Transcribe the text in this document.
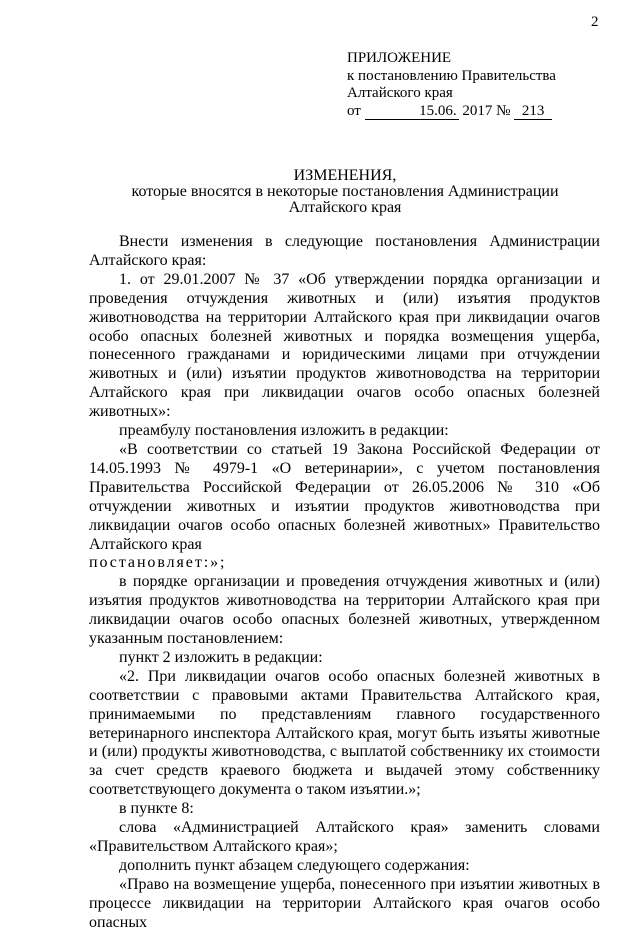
2
ПРИЛОЖЕНИЕ
к постановлению Правительства
Алтайского края
от	15.06. 2017 № 213
ИЗМЕНЕНИЯ,
которые вносятся в некоторые постановления Администрации
Алтайского края

Внести изменения в следующие постановления Администрации Алтайского края:

1. от 29.01.2007 № 37 «Об утверждении порядка организации и проведения отчуждения животных и (или) изъятия продуктов животноводства на территории Алтайского края при ликвидации очагов особо опасных болезней животных и порядка возмещения ущерба, понесенного гражданами и юридическими лицами при отчуждении животных и (или) изъятии продуктов животноводства на территории Алтайского края при ликвидации очагов особо опасных болезней животных»:

преамбулу постановления изложить в редакции:

«В соответствии со статьей 19 Закона Российской Федерации от 14.05.1993 № 4979-1 «О ветеринарии», с учетом постановления Правительства Российской Федерации от 26.05.2006 № 310 «Об отчуждении животных и изъятии продуктов животноводства при ликвидации очагов особо опасных болезней животных» Правительство Алтайского края

постановляет:»;

в порядке организации и проведения отчуждения животных и (или) изъятия продуктов животноводства на территории Алтайского края при ликвидации очагов особо опасных болезней животных, утвержденном указанным постановлением:

пункт 2 изложить в редакции:

«2. При ликвидации очагов особо опасных болезней животных в соответствии с правовыми актами Правительства Алтайского края, принимаемыми по представлениям главного государственного ветеринарного инспектора Алтайского края, могут быть изъяты животные и (или) продукты животноводства, с выплатой собственнику их стоимости за счет средств краевого бюджета и выдачей этому собственнику соответствующего документа о таком изъятии.»;

в пункте 8:

слова «Администрацией Алтайского края» заменить словами «Правительством Алтайского края»;

дополнить пункт абзацем следующего содержания:

«Право на возмещение ущерба, понесенного при изъятии животных в процессе ликвидации на территории Алтайского края очагов особо опасных
